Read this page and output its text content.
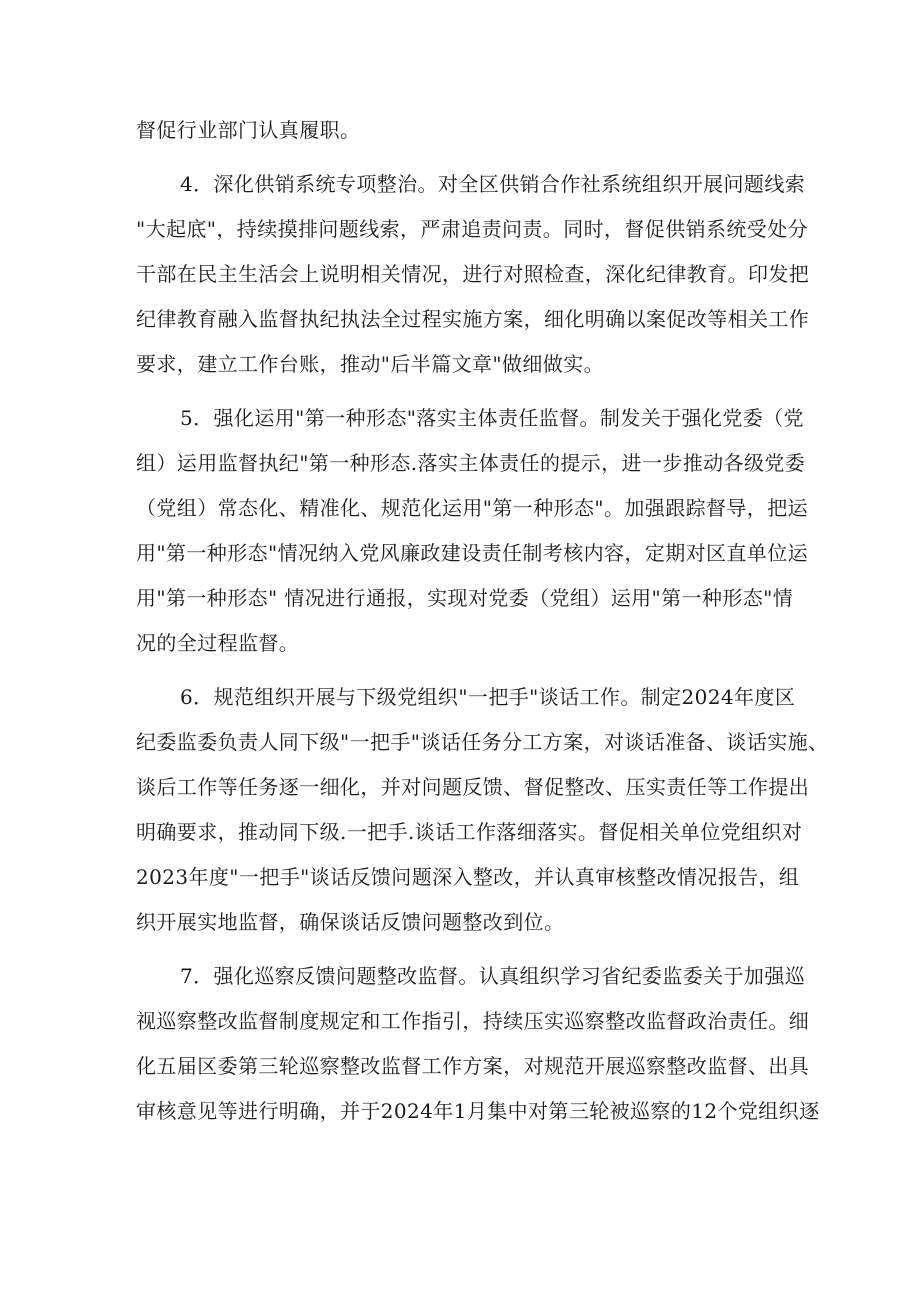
督促行业部门认真履职。
4．深化供销系统专项整治。对全区供销合作社系统组织开展问题线索
"大起底"，持续摸排问题线索，严肃追责问责。同时，督促供销系统受处分
干部在民主生活会上说明相关情况，进行对照检查，深化纪律教育。印发把
纪律教育融入监督执纪执法全过程实施方案，细化明确以案促改等相关工作
要求，建立工作台账，推动"后半篇文章"做细做实。
5．强化运用"第一种形态"落实主体责任监督。制发关于强化党委（党
组）运用监督执纪"第一种形态.落实主体责任的提示，进一步推动各级党委
（党组）常态化、精准化、规范化运用"第一种形态"。加强跟踪督导，把运
用"第一种形态"情况纳入党风廉政建设责任制考核内容，定期对区直单位运
用"第一种形态" 情况进行通报，实现对党委（党组）运用"第一种形态"情
况的全过程监督。
6．规范组织开展与下级党组织"一把手"谈话工作。制定2024年度区
纪委监委负责人同下级"一把手"谈话任务分工方案，对谈话准备、谈话实施、
谈后工作等任务逐一细化，并对问题反馈、督促整改、压实责任等工作提出
明确要求，推动同下级.一把手.谈话工作落细落实。督促相关单位党组织对
2023年度"一把手"谈话反馈问题深入整改，并认真审核整改情况报告，组
织开展实地监督，确保谈话反馈问题整改到位。
7．强化巡察反馈问题整改监督。认真组织学习省纪委监委关于加强巡
视巡察整改监督制度规定和工作指引，持续压实巡察整改监督政治责任。细
化五届区委第三轮巡察整改监督工作方案，对规范开展巡察整改监督、出具
审核意见等进行明确，并于2024年1月集中对第三轮被巡察的12个党组织逐
